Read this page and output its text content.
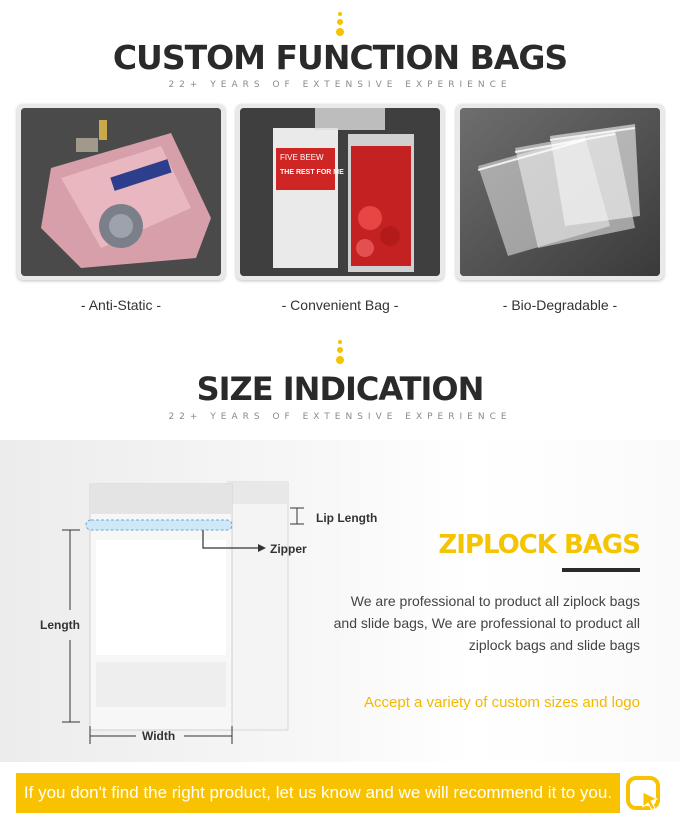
CUSTOM FUNCTION BAGS
22+ YEARS OF EXTENSIVE EXPERIENCE
FIVE BEEW
THE REST FOR ME
- Anti-Static -	- Convenient Bag -	- Bio-Degradable -
SIZE INDICATION
22+ YEARS OF EXTENSIVE EXPERIENCE
Lip Length
Zipper
Length
Width
ZIPLOCK BAGS
We are professional to product all ziplock bags and slide bags, We are professional to product all ziplock bags and slide bags
Accept a variety of custom sizes and logo
If you don't find the right product, let us know and we will recommend it to you.
